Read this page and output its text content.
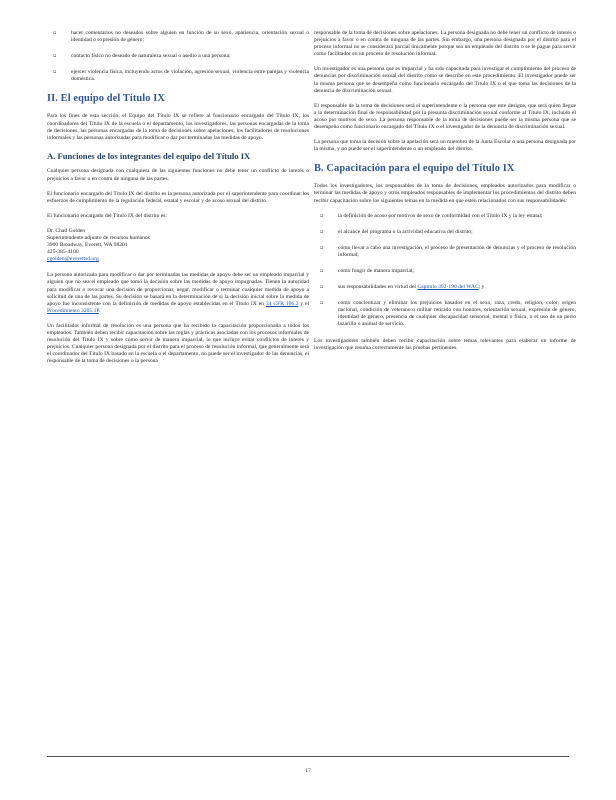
▫	hacer comentarios no deseados sobre alguien en función de su sexo, apariencia, orientación sexual o identidad o expresión de género;
▫	contacto físico no deseado de naturaleza sexual o asedio a una persona;
▫	ejercer violencia física, incluyendo actos de violación, agresión sexual, violencia entre parejas y violencia doméstica.
II. El equipo del Título IX

Para los fines de esta sección, el Equipo del Título IX se refiere al funcionario encargado del Título IX, los coordinadores del Título IX de la escuela o el departamento, los investigadores, las personas encargadas de la toma de decisiones, las personas encargadas de la toma de decisiones sobre apelaciones, los facilitadores de resoluciones informales y las personas autorizadas para modificar o dar por terminadas las medidas de apoyo.

A. Funciones de los integrantes del equipo del Título IX

Cualquier persona designada con cualquiera de las siguientes funciones no debe tener un conflicto de interés o prejuicios a favor o en contra de ninguna de las partes.

El funcionario encargado del Título IX del distrito es la persona autorizada por el superintendente para coordinar los esfuerzos de cumplimiento de la regulación federal, estatal y escolar y de acoso sexual del distrito.

El funcionario encargado del Título IX del distrito es:

Dr. Chad Golden
Superintendente adjunto de recursos humanos
3900 Broadway, Everett, WA 98201
425-385-4100
cgolden@everettsd.org

La persona autorizada para modificar o dar por terminadas las medidas de apoyo debe ser un empleado imparcial y alguien que no sea el empleado que tomó la decisión sobre las medidas de apoyo impugnadas. Tienen la autoridad para modificar o revocar una decisión de proporcionar, negar, modificar o terminar cualquier medida de apoyo a solicitud de una de las partes. Su decisión se basará en la determinación de si la decisión inicial sobre la medida de apoyo fue inconsistente con la definición de medidas de apoyo establecidas en el Título IX en 34 CFR 106.2 y el Procedimiento 3205.1P.

Un facilitador informal de resolución es una persona que ha recibido la capacitación proporcionada a todos los empleados. También deben recibir capacitación sobre las reglas y prácticas asociadas con los procesos informales de resolución del Título IX y sobre cómo servir de manera imparcial, lo que incluye evitar conflictos de interés y prejuicios. Cualquier persona designada por el distrito para el proceso de resolución informal, que generalmente será el coordinador del Título IX basado en la escuela o el departamento, no puede ser el investigador de las denuncias, el responsable de la toma de decisiones o la persona

responsable de la toma de decisiones sobre apelaciones. La persona designada no debe tener un conflicto de interés o prejuicios a favor o en contra de ninguna de las partes. Sin embargo, una persona designada por el distrito para el proceso informal no se considerará parcial únicamente porque sea un empleado del distrito o se le pague para servir como facilitador en un proceso de resolución informal.

Un investigador es una persona que es imparcial y ha sido capacitada para investigar el cumplimiento del proceso de denuncias por discriminación sexual del distrito como se describe en este procedimiento. El investigador puede ser la misma persona que se desempeña como funcionario encargado del Título IX o el que toma las decisiones de la denuncia de discriminación sexual.

El responsable de la toma de decisiones será el superintendente o la persona que este designe, que será quien llegue a la determinación final de responsabilidad por la presunta discriminación sexual conforme al Título IX, incluido el acoso por motivos de sexo. La persona responsable de la toma de decisiones puede ser la misma persona que se desempeña como funcionario encargado del Título IX o el investigador de la denuncia de discriminación sexual.

La persona que toma la decisión sobre la apelación será un miembro de la Junta Escolar o una persona designada por la misma, y no puede ser el superintendente o un empleado del distrito.

B. Capacitación para el equipo del Título IX

Todos los investigadores, los responsables de la toma de decisiones, empleados autorizados para modificar o terminar las medidas de apoyo y otros empleados responsables de implementar los procedimientos del distrito deben recibir capacitación sobre los siguientes temas en la medida en que estén relacionados con sus responsabilidades:

▫	la definición de acoso por motivos de sexo de conformidad con el Título IX y la ley estatal;
▫	el alcance del programa o la actividad educativa del distrito;
▫	cómo llevar a cabo una investigación, el proceso de presentación de denuncias y el proceso de resolución informal;
▫	cómo fungir de manera imparcial;
▫	sus responsabilidades en virtud del Capítulo 392-190 del WAC; y
▫	cómo concientizar y eliminar los prejuicios basados en el sexo, raza, credo, religión, color, origen nacional, condición de veterano o militar retirado con honores, orientación sexual, expresión de género, identidad de género, presencia de cualquier discapacidad sensorial, mental o física, o el uso de un perro lazarillo o animal de servicio.

Los investigadores también deben recibir capacitación sobre temas relevantes para elaborar un informe de investigación que resuma correctamente las pruebas pertinentes.

17
